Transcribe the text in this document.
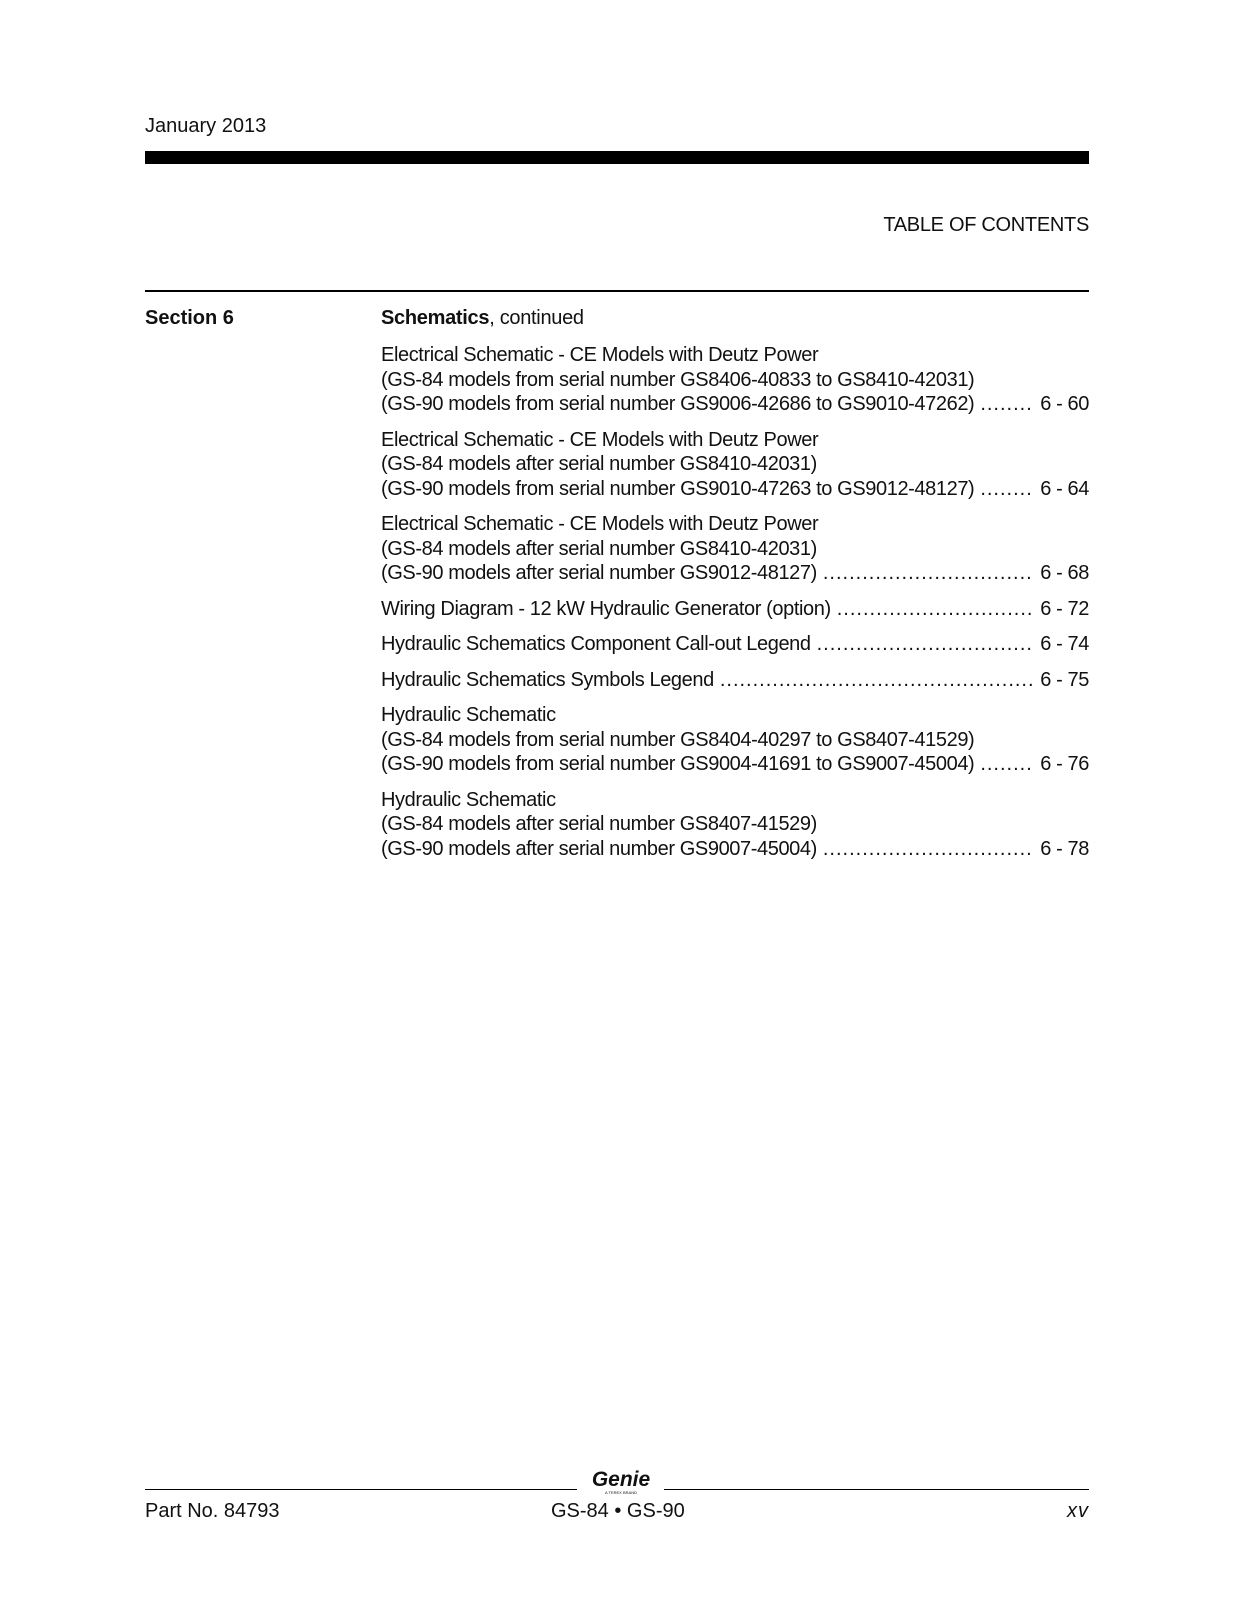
January 2013
TABLE OF CONTENTS
Section 6	Schematics, continued
Electrical Schematic - CE Models with Deutz Power
(GS-84 models from serial number GS8406-40833 to GS8410-42031)
(GS-90 models from serial number GS9006-42686 to GS9010-47262) .....	6 - 60
Electrical Schematic - CE Models with Deutz Power
(GS-84 models after serial number GS8410-42031)
(GS-90 models from serial number GS9010-47263 to GS9012-48127) .....	6 - 64
Electrical Schematic - CE Models with Deutz Power
(GS-84 models after serial number GS8410-42031)
(GS-90 models after serial number GS9012-48127) .....	6 - 68
Wiring Diagram - 12 kW Hydraulic Generator (option) .....	6 - 72
Hydraulic Schematics Component Call-out Legend .....	6 - 74
Hydraulic Schematics Symbols Legend .....	6 - 75
Hydraulic Schematic
(GS-84 models from serial number GS8404-40297 to GS8407-41529)
(GS-90 models from serial number GS9004-41691 to GS9007-45004) .....	6 - 76
Hydraulic Schematic
(GS-84 models after serial number GS8407-41529)
(GS-90 models after serial number GS9007-45004) .....	6 - 78
Genie
A TEREX BRAND
Part No. 84793	GS-84 • GS-90	xv
